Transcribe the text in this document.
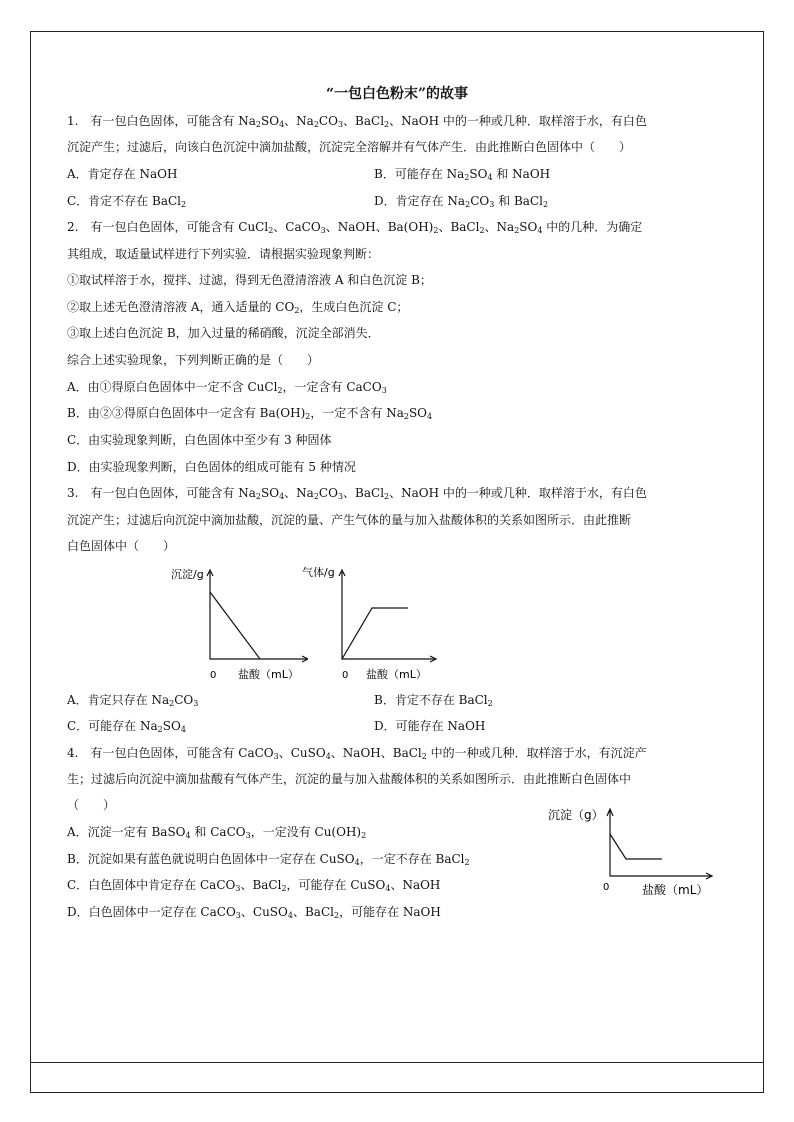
“一包白色粉末”的故事
1.　有一包白色固体，可能含有 $Na_2SO_4$、$Na_2CO_3$、BaCl$_2$、NaOH 中的一种或几种．取样溶于水，有白色
沉淀产生；过滤后，向该白色沉淀中滴加盐酸，沉淀完全溶解并有气体产生．由此推断白色固体中（　　）
A．肯定存在 NaOH	B．可能存在 $Na_2SO_4$ 和 NaOH
C．肯定不存在 BaCl$_2$	D．肯定存在 $Na_2CO_3$ 和 BaCl$_2$
2.　有一包白色固体，可能含有 CuCl$_2$、CaCO$_3$、NaOH、$Ba(OH)_2$、BaCl$_2$、$Na_2SO_4$ 中的几种．为确定
其组成，取适量试样进行下列实验．请根据实验现象判断：
①取试样溶于水，搅拌、过滤，得到无色澄清溶液 A 和白色沉淀 B；
②取上述无色澄清溶液 A，通入适量的 $CO_2$，生成白色沉淀 C；
③取上述白色沉淀 B，加入过量的稀硝酸，沉淀全部消失．
综合上述实验现象，下列判断正确的是（　　）
A．由①得原白色固体中一定不含 CuCl$_2$，一定含有 CaCO$_3$
B．由②③得原白色固体中一定含有 $Ba(OH)_2$，一定不含有 $Na_2SO_4$
C．由实验现象判断，白色固体中至少有 3 种固体
D．由实验现象判断，白色固体的组成可能有 5 种情况
3.　有一包白色固体，可能含有 $Na_2SO_4$、$Na_2CO_3$、BaCl$_2$、NaOH 中的一种或几种．取样溶于水，有白色
沉淀产生；过滤后向沉淀中滴加盐酸，沉淀的量、产生气体的量与加入盐酸体积的关系如图所示．由此推断
白色固体中（　　）
沉淀/g
0 盐酸（mL）
气体/g
0 盐酸（mL）
A．肯定只存在 $Na_2CO_3$	B．肯定不存在 BaCl$_2$
C．可能存在 $Na_2SO_4$	D．可能存在 NaOH
4.　有一包白色固体，可能含有 CaCO$_3$、CuSO$_4$、NaOH、BaCl$_2$ 中的一种或几种．取样溶于水，有沉淀产
生；过滤后向沉淀中滴加盐酸有气体产生，沉淀的量与加入盐酸体积的关系如图所示．由此推断白色固体中
（　　）
A．沉淀一定有 BaSO$_4$ 和 CaCO$_3$，一定没有 $Cu(OH)_2$
B．沉淀如果有蓝色就说明白色固体中一定存在 CuSO$_4$，一定不存在 BaCl$_2$
C．白色固体中肯定存在 CaCO$_3$、BaCl$_2$，可能存在 CuSO$_4$、NaOH
D．白色固体中一定存在 CaCO$_3$、CuSO$_4$、BaCl$_2$，可能存在 NaOH
沉淀（g）
0	盐酸（mL）
